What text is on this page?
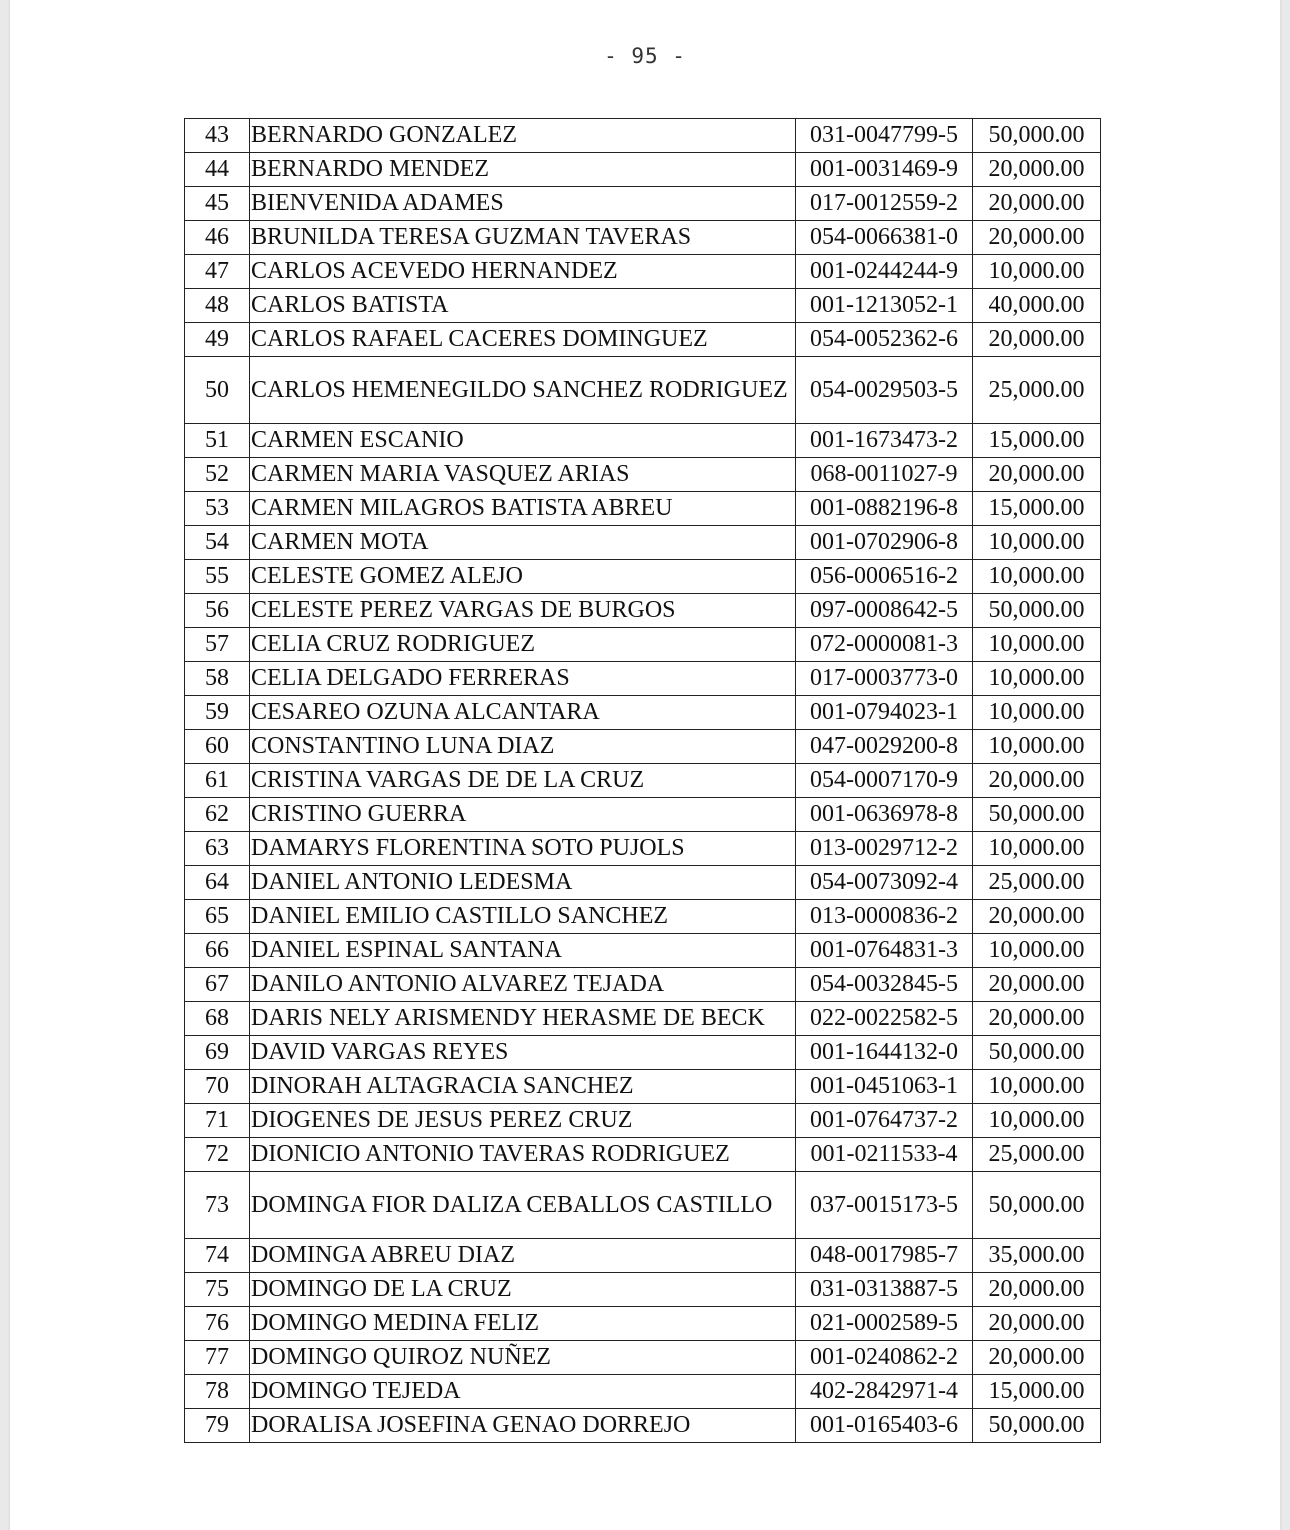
- 95 -
43	BERNARDO GONZALEZ	031-0047799-5	50,000.00
44	BERNARDO MENDEZ	001-0031469-9	20,000.00
45	BIENVENIDA ADAMES	017-0012559-2	20,000.00
46	BRUNILDA TERESA GUZMAN TAVERAS	054-0066381-0	20,000.00
47	CARLOS ACEVEDO HERNANDEZ	001-0244244-9	10,000.00
48	CARLOS BATISTA	001-1213052-1	40,000.00
49	CARLOS RAFAEL CACERES DOMINGUEZ	054-0052362-6	20,000.00
50	CARLOS HEMENEGILDO SANCHEZ RODRIGUEZ	054-0029503-5	25,000.00
51	CARMEN ESCANIO	001-1673473-2	15,000.00
52	CARMEN MARIA VASQUEZ ARIAS	068-0011027-9	20,000.00
53	CARMEN MILAGROS BATISTA ABREU	001-0882196-8	15,000.00
54	CARMEN MOTA	001-0702906-8	10,000.00
55	CELESTE GOMEZ ALEJO	056-0006516-2	10,000.00
56	CELESTE PEREZ VARGAS DE BURGOS	097-0008642-5	50,000.00
57	CELIA CRUZ RODRIGUEZ	072-0000081-3	10,000.00
58	CELIA DELGADO FERRERAS	017-0003773-0	10,000.00
59	CESAREO OZUNA ALCANTARA	001-0794023-1	10,000.00
60	CONSTANTINO LUNA DIAZ	047-0029200-8	10,000.00
61	CRISTINA VARGAS DE DE LA CRUZ	054-0007170-9	20,000.00
62	CRISTINO GUERRA	001-0636978-8	50,000.00
63	DAMARYS FLORENTINA SOTO PUJOLS	013-0029712-2	10,000.00
64	DANIEL ANTONIO LEDESMA	054-0073092-4	25,000.00
65	DANIEL EMILIO CASTILLO SANCHEZ	013-0000836-2	20,000.00
66	DANIEL ESPINAL SANTANA	001-0764831-3	10,000.00
67	DANILO ANTONIO ALVAREZ TEJADA	054-0032845-5	20,000.00
68	DARIS NELY ARISMENDY HERASME DE BECK	022-0022582-5	20,000.00
69	DAVID VARGAS REYES	001-1644132-0	50,000.00
70	DINORAH ALTAGRACIA SANCHEZ	001-0451063-1	10,000.00
71	DIOGENES DE JESUS PEREZ CRUZ	001-0764737-2	10,000.00
72	DIONICIO ANTONIO TAVERAS RODRIGUEZ	001-0211533-4	25,000.00
73	DOMINGA FIOR DALIZA CEBALLOS CASTILLO	037-0015173-5	50,000.00
74	DOMINGA ABREU DIAZ	048-0017985-7	35,000.00
75	DOMINGO DE LA CRUZ	031-0313887-5	20,000.00
76	DOMINGO MEDINA FELIZ	021-0002589-5	20,000.00
77	DOMINGO QUIROZ NUÑEZ	001-0240862-2	20,000.00
78	DOMINGO TEJEDA	402-2842971-4	15,000.00
79	DORALISA JOSEFINA GENAO DORREJO	001-0165403-6	50,000.00
